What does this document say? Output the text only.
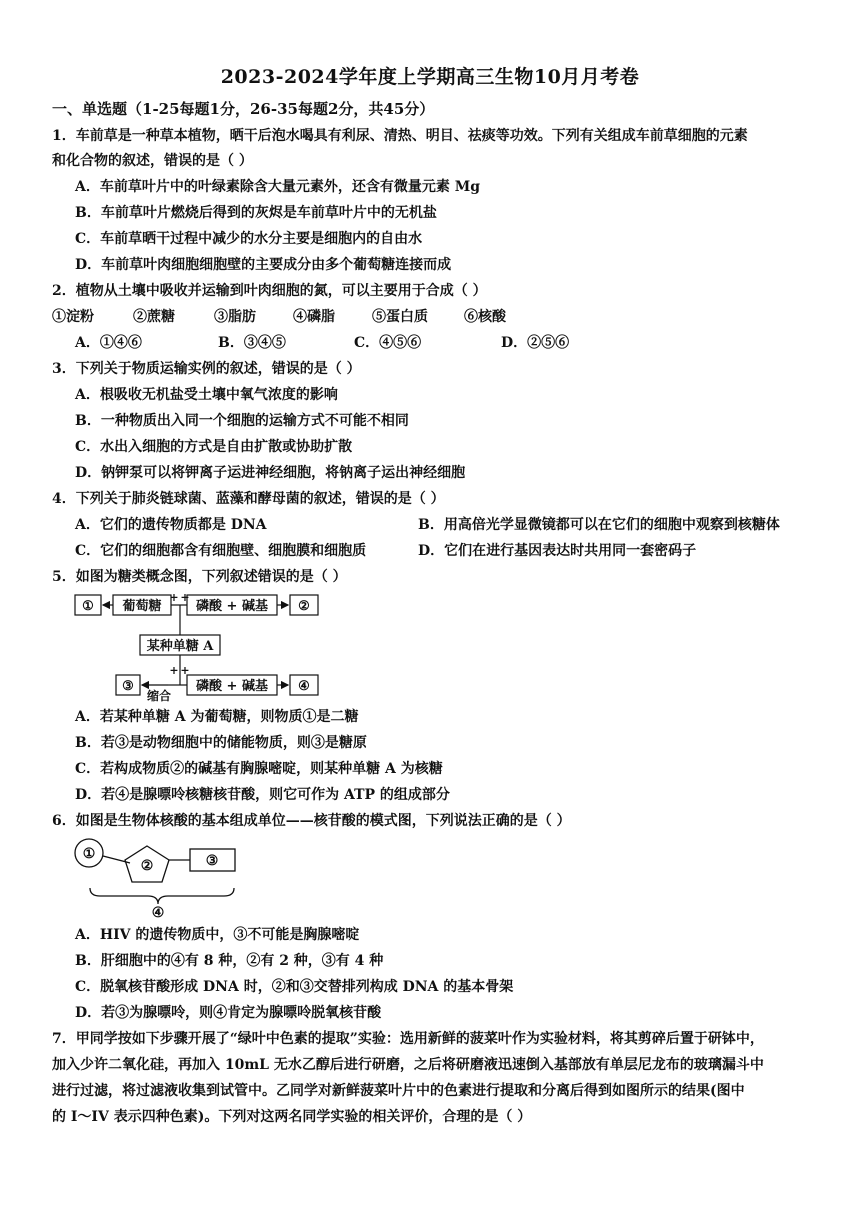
2023-2024学年度上学期高三生物10月月考卷
一、单选题（1-25每题1分，26-35每题2分，共45分）
1．车前草是一种草本植物，晒干后泡水喝具有利尿、清热、明目、祛痰等功效。下列有关组成车前草细胞的元素
和化合物的叙述，错误的是（ ）
A．车前草叶片中的叶绿素除含大量元素外，还含有微量元素 Mg
B．车前草叶片燃烧后得到的灰烬是车前草叶片中的无机盐
C．车前草晒干过程中减少的水分主要是细胞内的自由水
D．车前草叶肉细胞细胞壁的主要成分由多个葡萄糖连接而成
2．植物从土壤中吸收并运输到叶肉细胞的氮，可以主要用于合成（ ）
①淀粉	②蔗糖	③脂肪	④磷脂	⑤蛋白质	⑥核酸
A．①④⑥	B．③④⑤	C．④⑤⑥	D．②⑤⑥
3．下列关于物质运输实例的叙述，错误的是（ ）
A．根吸收无机盐受土壤中氧气浓度的影响
B．一种物质出入同一个细胞的运输方式不可能不相同
C．水出入细胞的方式是自由扩散或协助扩散
D．钠钾泵可以将钾离子运进神经细胞，将钠离子运出神经细胞
4．下列关于肺炎链球菌、蓝藻和酵母菌的叙述，错误的是（ ）
A．它们的遗传物质都是 DNA	B．用高倍光学显微镜都可以在它们的细胞中观察到核糖体
C．它们的细胞都含有细胞壁、细胞膜和细胞质	D．它们在进行基因表达时共用同一套密码子
5．如图为糖类概念图，下列叙述错误的是（ ）
① 葡萄糖	磷酸 + 碱基 ②
某种单糖 A
③	磷酸 + 碱基 ④
缩合
+ +
+ +
A．若某种单糖 A 为葡萄糖，则物质①是二糖
B．若③是动物细胞中的储能物质，则③是糖原
C．若构成物质②的碱基有胸腺嘧啶，则某种单糖 A 为核糖
D．若④是腺嘌呤核糖核苷酸，则它可作为 ATP 的组成部分
6．如图是生物体核酸的基本组成单位——核苷酸的模式图，下列说法正确的是（ ）
①
②	③
④
A．HIV 的遗传物质中，③不可能是胸腺嘧啶
B．肝细胞中的④有 8 种，②有 2 种，③有 4 种
C．脱氧核苷酸形成 DNA 时，②和③交替排列构成 DNA 的基本骨架
D．若③为腺嘌呤，则④肯定为腺嘌呤脱氧核苷酸
7．甲同学按如下步骤开展了“绿叶中色素的提取”实验：选用新鲜的菠菜叶作为实验材料，将其剪碎后置于研钵中，
加入少许二氧化硅，再加入 10mL 无水乙醇后进行研磨，之后将研磨液迅速倒入基部放有单层尼龙布的玻璃漏斗中
进行过滤，将过滤液收集到试管中。乙同学对新鲜菠菜叶片中的色素进行提取和分离后得到如图所示的结果(图中
的 I～IV 表示四种色素)。下列对这两名同学实验的相关评价，合理的是（ ）
